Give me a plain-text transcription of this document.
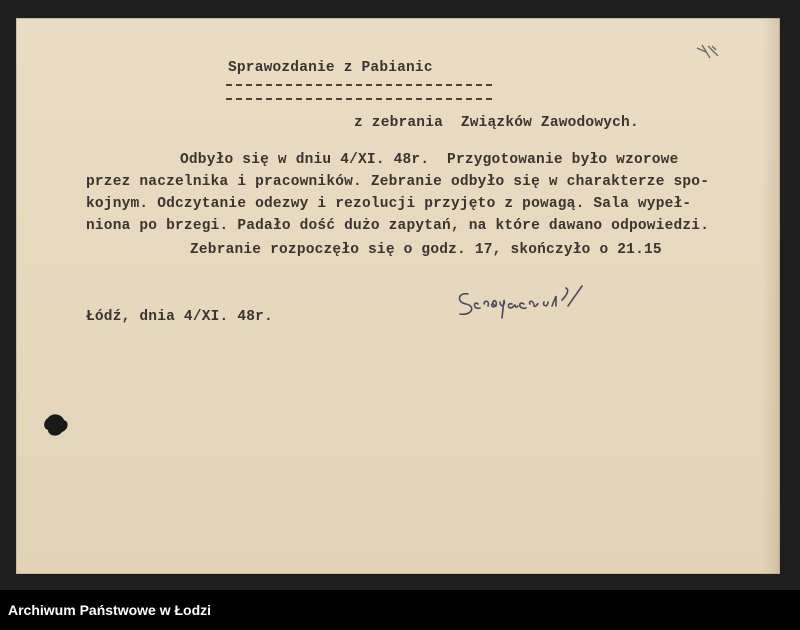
Sprawozdanie z Pabianic
z zebrania  Związków Zawodowych.
Odbyło się w dniu 4/XI. 48r.  Przygotowanie było wzorowe
przez naczelnika i pracowników. Zebranie odbyło się w charakterze spo-
kojnym. Odczytanie odezwy i rezolucji przyjęto z powagą. Sala wypeł-
niona po brzegi. Padało dość dużo zapytań, na które dawano odpowiedzi.
Zebranie rozpoczęło się o godz. 17, skończyło o 21.15
Łódź, dnia 4/XI. 48r.
Archiwum Państwowe w Łodzi
